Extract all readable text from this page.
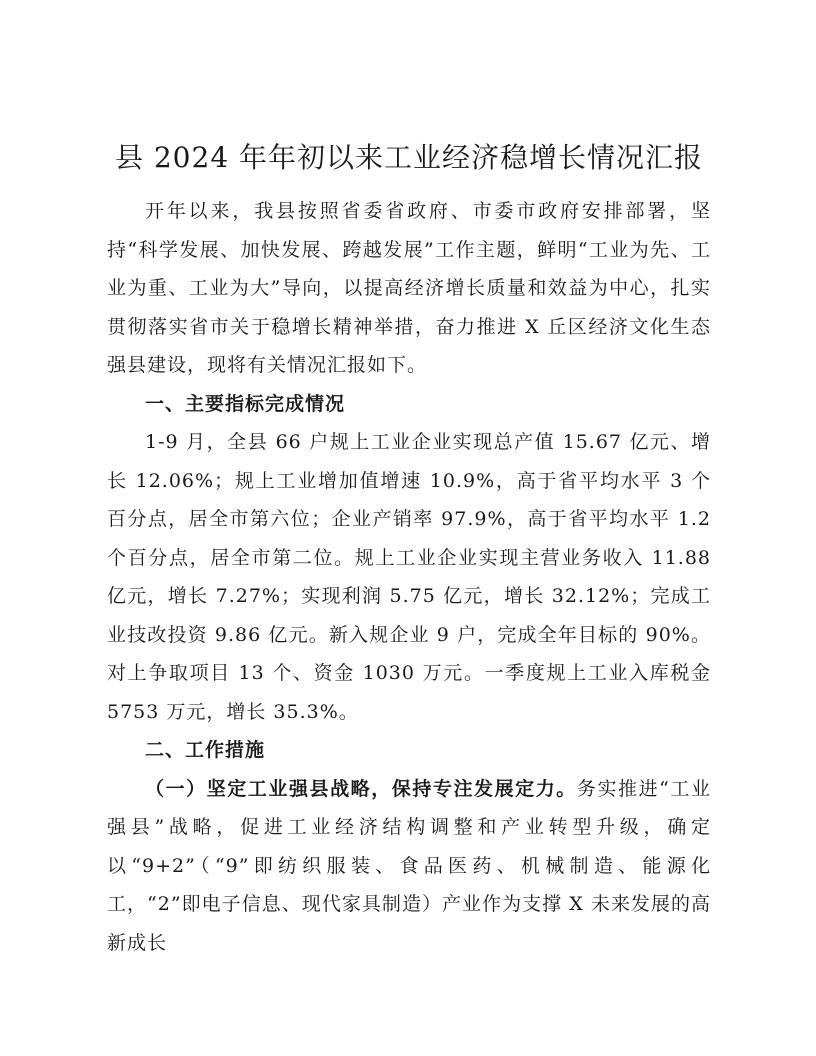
县 2024 年年初以来工业经济稳增长情况汇报

开年以来，我县按照省委省政府、市委市政府安排部署，坚持“科学发展、加快发展、跨越发展”工作主题，鲜明“工业为先、工业为重、工业为大”导向，以提高经济增长质量和效益为中心，扎实贯彻落实省市关于稳增长精神举措，奋力推进 X 丘区经济文化生态强县建设，现将有关情况汇报如下。

一、主要指标完成情况

1-9 月，全县 66 户规上工业企业实现总产值 15.67 亿元、增长 12.06%；规上工业增加值增速 10.9%，高于省平均水平 3 个百分点，居全市第六位；企业产销率 97.9%，高于省平均水平 1.2 个百分点，居全市第二位。规上工业企业实现主营业务收入 11.88 亿元，增长 7.27%；实现利润 5.75 亿元，增长 32.12%；完成工业技改投资 9.86 亿元。新入规企业 9 户，完成全年目标的 90%。对上争取项目 13 个、资金 1030 万元。一季度规上工业入库税金 5753 万元，增长 35.3%。

二、工作措施

（一）坚定工业强县战略，保持专注发展定力。务实推进“工业强县”战略，促进工业经济结构调整和产业转型升级，确定以“9+2”（“9”即纺织服装、食品医药、机械制造、能源化工，“2”即电子信息、现代家具制造）产业作为支撑 X 未来发展的高新成长
